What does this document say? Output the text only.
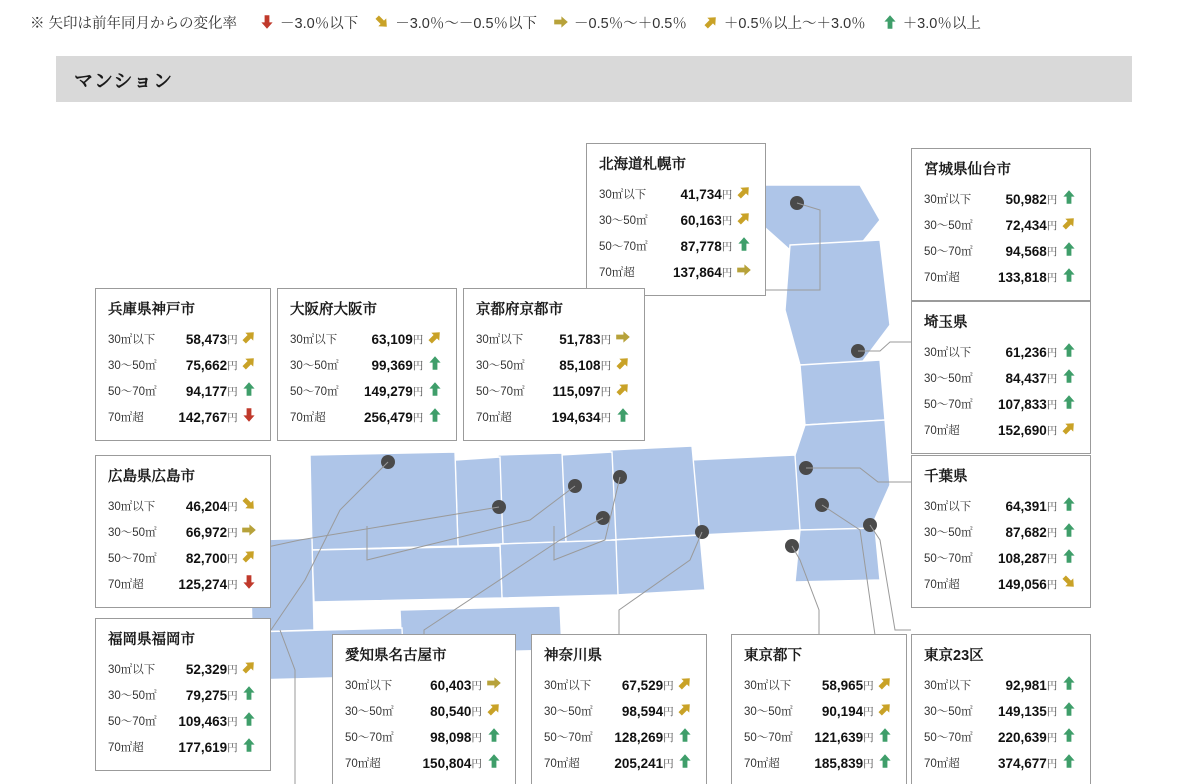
※ 矢印は前年同月からの変化率	－3.0％以下	－3.0％～－0.5％以下	－0.5％～＋0.5％	＋0.5％以上～＋3.0％	＋3.0％以上
マンション
北海道札幌市
30㎡以下	41,734	円	
30～50㎡	60,163	円	
50～70㎡	87,778	円	
70㎡超	137,864	円	
宮城県仙台市
30㎡以下	50,982	円	
30～50㎡	72,434	円	
50～70㎡	94,568	円	
70㎡超	133,818	円	
埼玉県
30㎡以下	61,236	円	
30～50㎡	84,437	円	
50～70㎡	107,833	円	
70㎡超	152,690	円	
千葉県
30㎡以下	64,391	円	
30～50㎡	87,682	円	
50～70㎡	108,287	円	
70㎡超	149,056	円	
兵庫県神戸市
30㎡以下	58,473	円	
30～50㎡	75,662	円	
50～70㎡	94,177	円	
70㎡超	142,767	円	
大阪府大阪市
30㎡以下	63,109	円	
30～50㎡	99,369	円	
50～70㎡	149,279	円	
70㎡超	256,479	円	
京都府京都市
30㎡以下	51,783	円	
30～50㎡	85,108	円	
50～70㎡	115,097	円	
70㎡超	194,634	円	
広島県広島市
30㎡以下	46,204	円	
30～50㎡	66,972	円	
50～70㎡	82,700	円	
70㎡超	125,274	円	
福岡県福岡市
30㎡以下	52,329	円	
30～50㎡	79,275	円	
50～70㎡	109,463	円	
70㎡超	177,619	円	
愛知県名古屋市
30㎡以下	60,403	円	
30～50㎡	80,540	円	
50～70㎡	98,098	円	
70㎡超	150,804	円	
神奈川県
30㎡以下	67,529	円	
30～50㎡	98,594	円	
50～70㎡	128,269	円	
70㎡超	205,241	円	
東京都下
30㎡以下	58,965	円	
30～50㎡	90,194	円	
50～70㎡	121,639	円	
70㎡超	185,839	円	
東京23区
30㎡以下	92,981	円	
30～50㎡	149,135	円	
50～70㎡	220,639	円	
70㎡超	374,677	円	
